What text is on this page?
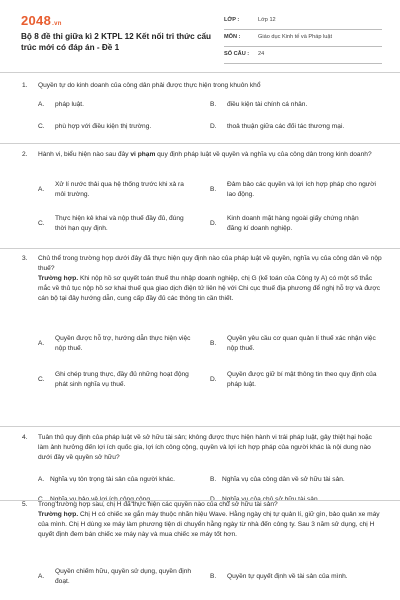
2048.vn
Bộ 8 đề thi giữa kì 2 KTPL 12 Kết nối tri thức cấu trúc mới có đáp án - Đề 1
LỚP :	Lớp 12
MÔN :	Giáo dục Kinh tế và Pháp luật
SỐ CÂU : 24
1. Quyền tự do kinh doanh của công dân phải được thực hiện trong khuôn khổ
A. pháp luật.	B. điều kiện tài chính cá nhân.
C. phù hợp với điều kiện thị trường.	D. thoả thuận giữa các đối tác thương mại.
2. Hành vi, biểu hiện nào sau đây vi phạm quy định pháp luật về quyền và nghĩa vụ của công dân trong kinh doanh?
A.
Xử lí nước thải qua hệ thống trước khi xả ra môi trường.
B.
Đảm bảo các quyền và lợi ích hợp pháp cho người lao động.
C.
Thực hiện kê khai và nộp thuế đầy đủ, đúng thời hạn quy định.
D.
Kinh doanh mặt hàng ngoài giấy chứng nhận đăng kí doanh nghiệp.
3. Chủ thể trong trường hợp dưới đây đã thực hiện quy định nào của pháp luật về quyền, nghĩa vụ của công dân về nộp thuế?
Trường hợp. Khi nộp hồ sơ quyết toán thuế thu nhập doanh nghiệp, chị G (kế toán của Công ty A) có một số thắc mắc về thủ tục nộp hồ sơ khai thuế qua giao dịch điện tử liên hệ với Chi cục thuế địa phương để nghị hỗ trợ và được cán bộ tại đây hướng dẫn, cung cấp đầy đủ các thông tin cần thiết.
A.
Quyền được hỗ trợ, hướng dẫn thực hiện việc nộp thuế.
B.
Quyền yêu cầu cơ quan quản lí thuế xác nhận việc nộp thuế.
C.
Ghi chép trung thực, đầy đủ những hoạt động phát sinh nghĩa vụ thuế.
D.
Quyền được giữ bí mật thông tin theo quy định của pháp luật.
4. Tuân thủ quy định của pháp luật về sở hữu tài sản; không được thực hiện hành vi trái pháp luật, gây thiệt hại hoặc làm ảnh hưởng đến lợi ích quốc gia, lợi ích công cộng, quyền và lợi ích hợp pháp của người khác là nội dung nào dưới đây về quyền sở hữu?
A. Nghĩa vụ tôn trọng tài sản của người khác.	B. Nghĩa vụ của công dân về sở hữu tài sản.
5. Trong trường hợp sau, chị H đã thực hiện các quyền nào của chủ sở hữu tài sản?
Trường hợp. Chị H có chiếc xe gắn máy thuộc nhãn hiệu Wave. Hằng ngày chị tự quản lí, giữ gìn, bảo quản xe máy của mình. Chị H dùng xe máy làm phương tiện di chuyển hằng ngày từ nhà đến công ty. Sau 3 năm sử dụng, chị H quyết định đem bán chiếc xe máy này và mua chiếc xe máy tốt hơn.
A.
Quyền chiếm hữu, quyền sử dụng, quyền định đoạt.
B. Quyền tự quyết định về tài sản của mình.
